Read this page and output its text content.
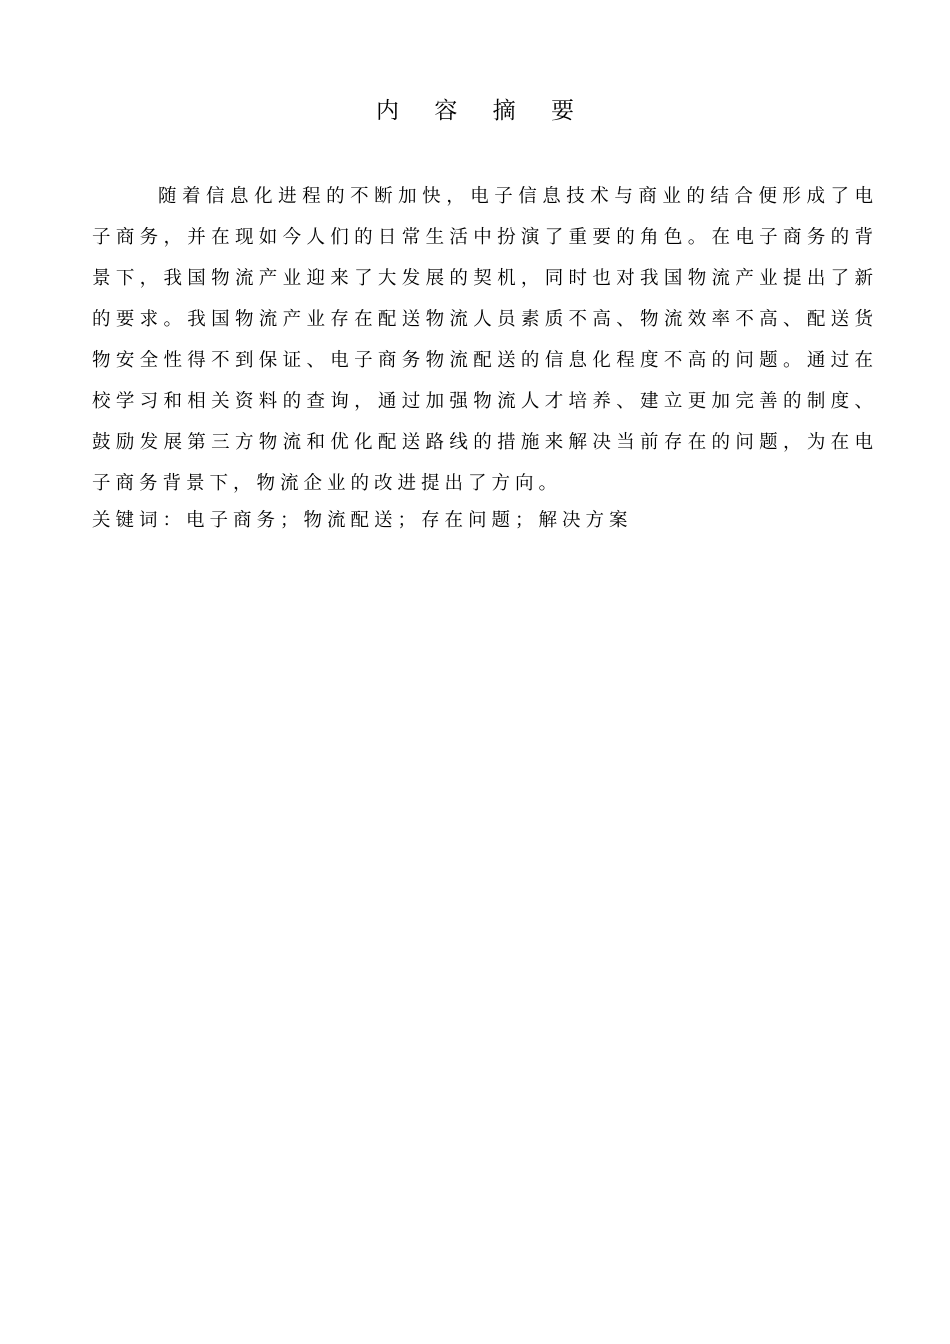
内 容 摘 要

随着信息化进程的不断加快，电子信息技术与商业的结合便形成了电子商务，并在现如今人们的日常生活中扮演了重要的角色。在电子商务的背景下，我国物流产业迎来了大发展的契机，同时也对我国物流产业提出了新的要求。我国物流产业存在配送物流人员素质不高、物流效率不高、配送货物安全性得不到保证、电子商务物流配送的信息化程度不高的问题。通过在校学习和相关资料的查询，通过加强物流人才培养、建立更加完善的制度、鼓励发展第三方物流和优化配送路线的措施来解决当前存在的问题，为在电子商务背景下，物流企业的改进提出了方向。

关键词：电子商务；物流配送；存在问题；解决方案
